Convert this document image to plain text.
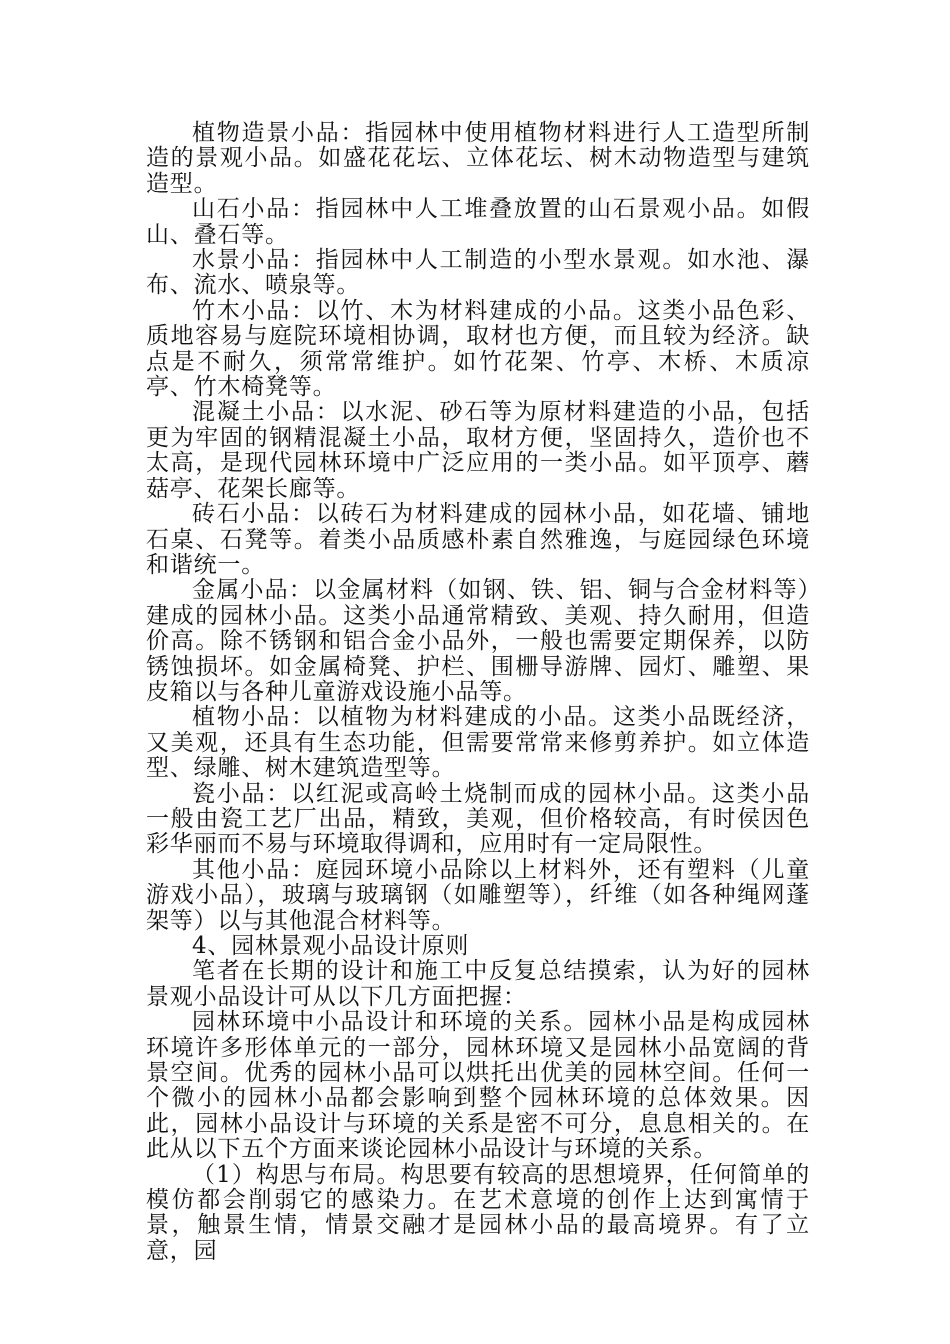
植物造景小品：指园林中使用植物材料进行人工造型所制造的景观小品。如盛花花坛、立体花坛、树木动物造型与建筑造型。

山石小品：指园林中人工堆叠放置的山石景观小品。如假山、叠石等。

水景小品：指园林中人工制造的小型水景观。如水池、瀑布、流水、喷泉等。

竹木小品：以竹、木为材料建成的小品。这类小品色彩、质地容易与庭院环境相协调，取材也方便，而且较为经济。缺点是不耐久，须常常维护。如竹花架、竹亭、木桥、木质凉亭、竹木椅凳等。

混凝土小品：以水泥、砂石等为原材料建造的小品，包括更为牢固的钢精混凝土小品，取材方便，坚固持久，造价也不太高，是现代园林环境中广泛应用的一类小品。如平顶亭、蘑菇亭、花架长廊等。

砖石小品：以砖石为材料建成的园林小品，如花墙、铺地石桌、石凳等。着类小品质感朴素自然雅逸，与庭园绿色环境和谐统一。

金属小品：以金属材料（如钢、铁、铝、铜与合金材料等）建成的园林小品。这类小品通常精致、美观、持久耐用，但造价高。除不锈钢和铝合金小品外，一般也需要定期保养，以防锈蚀损坏。如金属椅凳、护栏、围栅导游牌、园灯、雕塑、果皮箱以与各种儿童游戏设施小品等。

植物小品：以植物为材料建成的小品。这类小品既经济，又美观，还具有生态功能，但需要常常来修剪养护。如立体造型、绿雕、树木建筑造型等。

瓷小品：以红泥或高岭土烧制而成的园林小品。这类小品一般由瓷工艺厂出品，精致，美观，但价格较高，有时侯因色彩华丽而不易与环境取得调和，应用时有一定局限性。

其他小品：庭园环境小品除以上材料外，还有塑料（儿童游戏小品），玻璃与玻璃钢（如雕塑等），纤维（如各种绳网蓬架等）以与其他混合材料等。

4、园林景观小品设计原则

笔者在长期的设计和施工中反复总结摸索，认为好的园林景观小品设计可从以下几方面把握：

园林环境中小品设计和环境的关系。园林小品是构成园林环境许多形体单元的一部分，园林环境又是园林小品宽阔的背景空间。优秀的园林小品可以烘托出优美的园林空间。任何一个微小的园林小品都会影响到整个园林环境的总体效果。因此，园林小品设计与环境的关系是密不可分，息息相关的。在此从以下五个方面来谈论园林小品设计与环境的关系。

（1）构思与布局。构思要有较高的思想境界，任何简单的模仿都会削弱它的感染力。在艺术意境的创作上达到寓情于景，触景生情，情景交融才是园林小品的最高境界。有了立意，园
